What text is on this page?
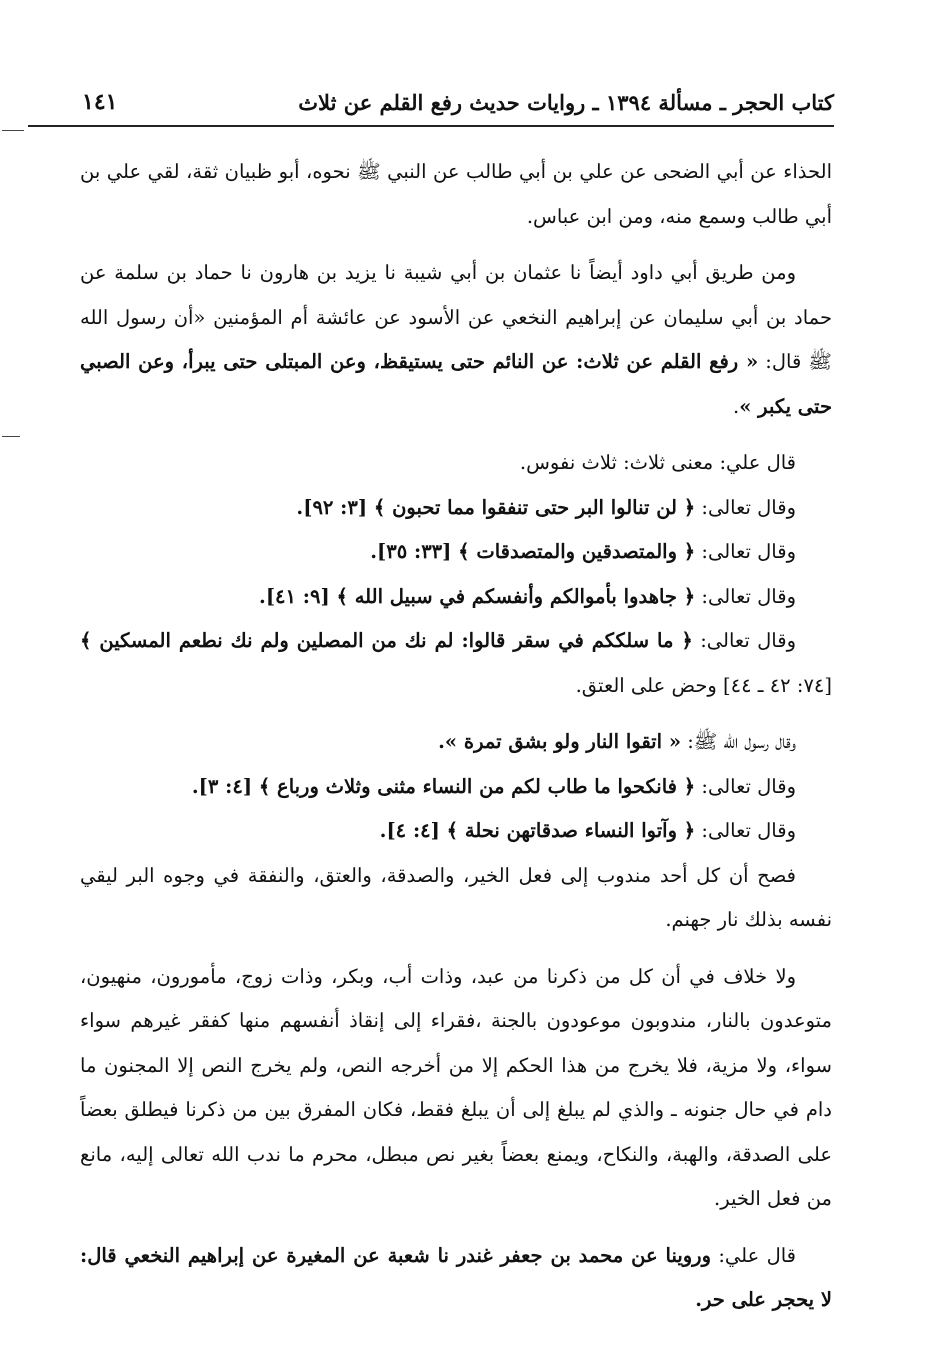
كتاب الحجر ـ مسألة ١٣٩٤ ـ روايات حديث رفع القلم عن ثلاث
١٤١

الحذاء عن أبي الضحى عن علي بن أبي طالب عن النبي ﷺ نحوه، أبو ظبيان ثقة، لقي علي بن أبي طالب وسمع منه، ومن ابن عباس.

ومن طريق أبي داود أيضاً نا عثمان بن أبي شيبة نا يزيد بن هارون نا حماد بن سلمة عن حماد بن أبي سليمان عن إبراهيم النخعي عن الأسود عن عائشة أم المؤمنين «أن رسول الله ﷺ قال: « رفع القلم عن ثلاث: عن النائم حتى يستيقظ، وعن المبتلى حتى يبرأ، وعن الصبي حتى يكبر ».

قال علي: معنى ثلاث: ثلاث نفوس.

وقال تعالى: ﴿ لن تنالوا البر حتى تنفقوا مما تحبون ﴾ [٣: ٩٢].

وقال تعالى: ﴿ والمتصدقين والمتصدقات ﴾ [٣٣: ٣٥].

وقال تعالى: ﴿ جاهدوا بأموالكم وأنفسكم في سبيل الله ﴾ [٩: ٤١].

وقال تعالى: ﴿ ما سلككم في سقر قالوا: لم نك من المصلين ولم نك نطعم المسكين ﴾ [٧٤: ٤٢ ـ ٤٤] وحض على العتق.

وقال رسول الله ﷺ: « اتقوا النار ولو بشق تمرة ».

وقال تعالى: ﴿ فانكحوا ما طاب لكم من النساء مثنى وثلاث ورباع ﴾ [٤: ٣].

وقال تعالى: ﴿ وآتوا النساء صدقاتهن نحلة ﴾ [٤: ٤].

فصح أن كل أحد مندوب إلى فعل الخير، والصدقة، والعتق، والنفقة في وجوه البر ليقي نفسه بذلك نار جهنم.

ولا خلاف في أن كل من ذكرنا من عبد، وذات أب، وبكر، وذات زوج، مأمورون، منهيون، متوعدون بالنار، مندوبون موعودون بالجنة ،فقراء إلى إنقاذ أنفسهم منها كفقر غيرهم سواء سواء، ولا مزية، فلا يخرج من هذا الحكم إلا من أخرجه النص، ولم يخرج النص إلا المجنون ما دام في حال جنونه ـ والذي لم يبلغ إلى أن يبلغ فقط، فكان المفرق بين من ذكرنا فيطلق بعضاً على الصدقة، والهبة، والنكاح، ويمنع بعضاً بغير نص مبطل، محرم ما ندب الله تعالى إليه، مانع من فعل الخير.

قال علي: وروينا عن محمد بن جعفر غندر نا شعبة عن المغيرة عن إبراهيم النخعي قال: لا يحجر على حر.
